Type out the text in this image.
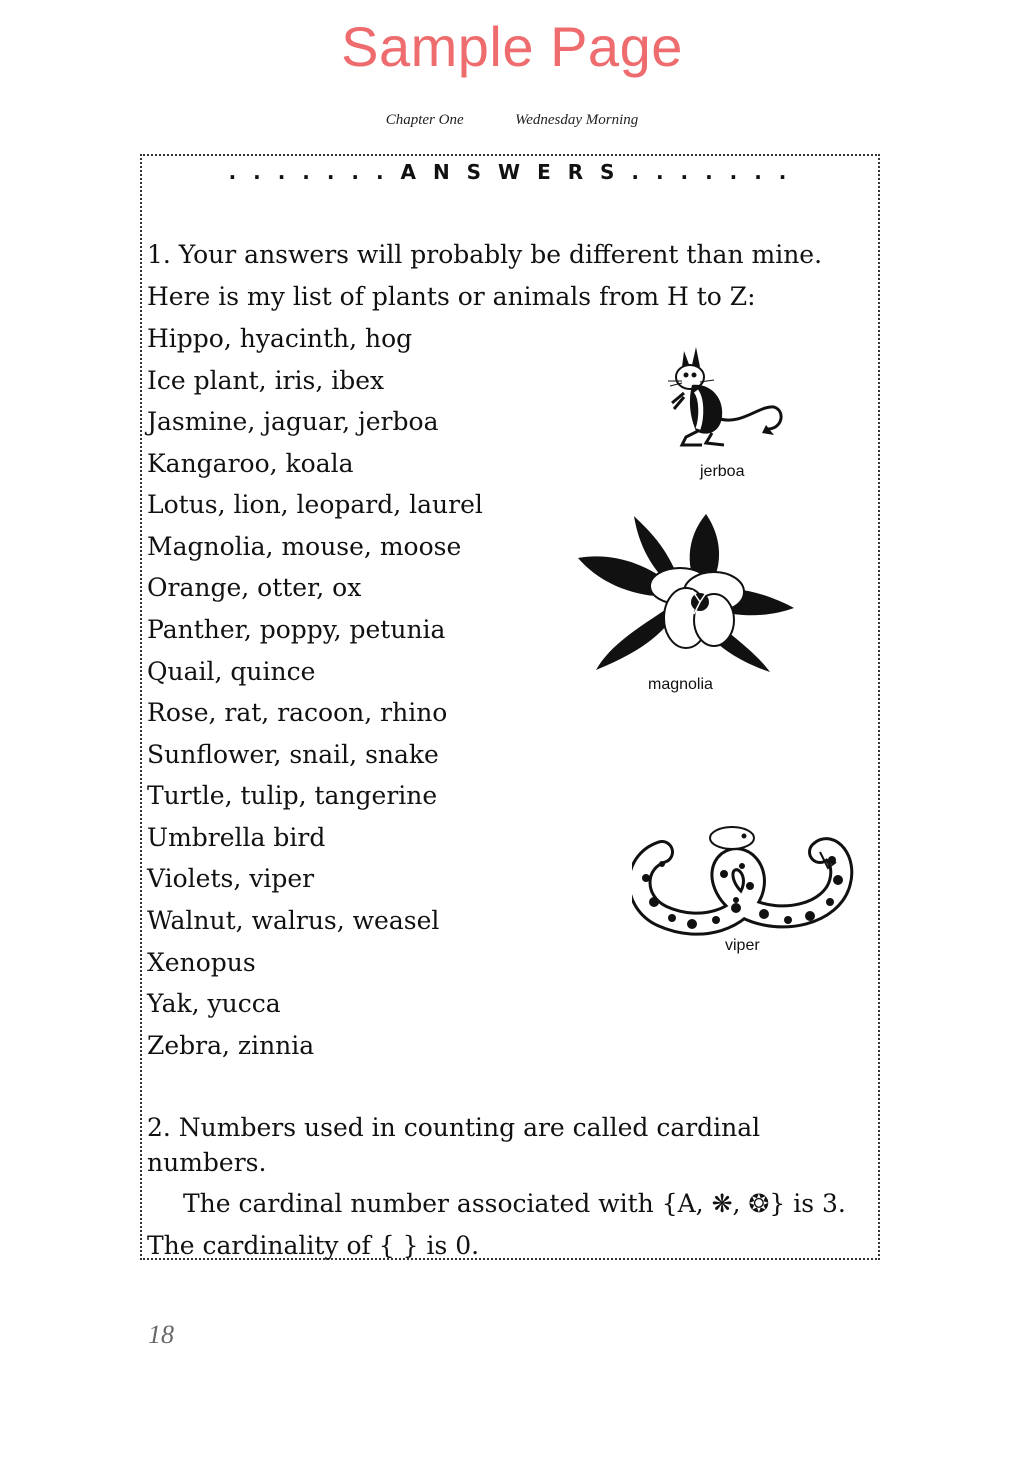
Sample Page
Chapter One	Wednesday Morning
. . . . . . . A N S W E R S . . . . . . .
1. Your answers will probably be different than mine.
Here is my list of plants or animals from H to Z:
Hippo, hyacinth, hog
Ice plant, iris, ibex
Jasmine, jaguar, jerboa
Kangaroo, koala
Lotus, lion, leopard, laurel
Magnolia, mouse, moose
Orange, otter, ox
Panther, poppy, petunia
Quail, quince
Rose, rat, racoon, rhino
Sunflower, snail, snake
Turtle, tulip, tangerine
Umbrella bird
Violets, viper
Walnut, walrus, weasel
Xenopus
Yak, yucca
Zebra, zinnia
jerboa
magnolia
viper
2. Numbers used in counting are called cardinal
numbers.
The cardinal number associated with {A, ❋, ❂} is 3.
The cardinality of { } is 0.
18
